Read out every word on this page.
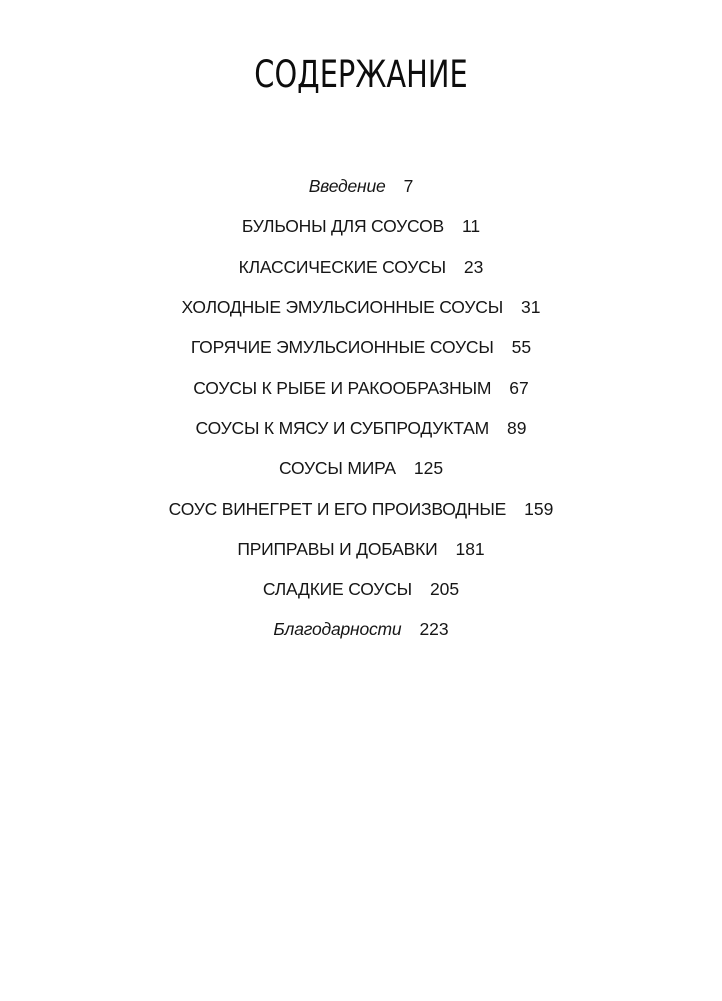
СОДЕРЖАНИЕ
Введение 7
БУЛЬОНЫ ДЛЯ СОУСОВ 11
КЛАССИЧЕСКИЕ СОУСЫ 23
ХОЛОДНЫЕ ЭМУЛЬСИОННЫЕ СОУСЫ 31
ГОРЯЧИЕ ЭМУЛЬСИОННЫЕ СОУСЫ 55
СОУСЫ К РЫБЕ И РАКООБРАЗНЫМ 67
СОУСЫ К МЯСУ И СУБПРОДУКТАМ 89
СОУСЫ МИРА 125
СОУС ВИНЕГРЕТ И ЕГО ПРОИЗВОДНЫЕ 159
ПРИПРАВЫ И ДОБАВКИ 181
СЛАДКИЕ СОУСЫ 205
Благодарности 223
